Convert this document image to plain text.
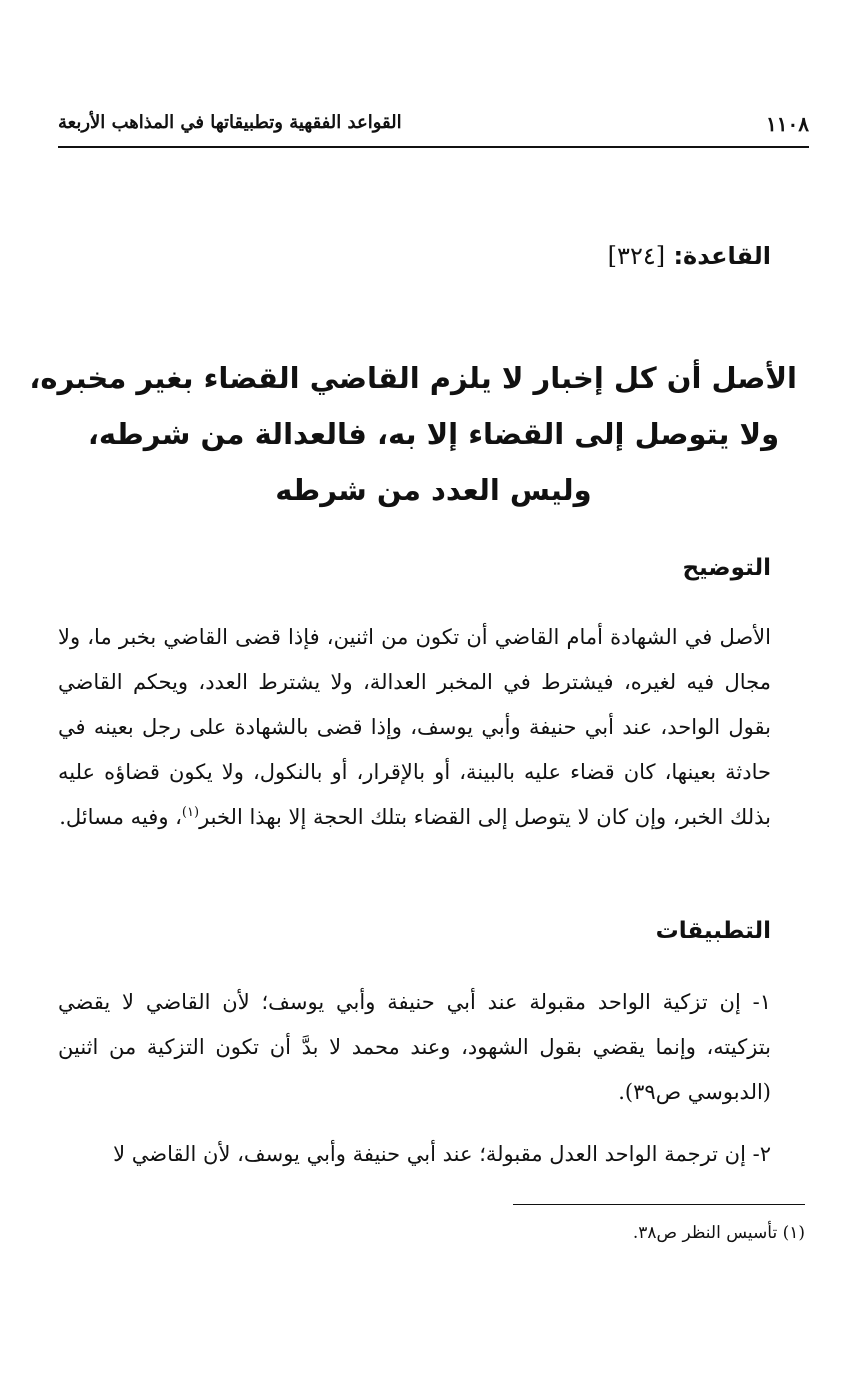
١١٠٨
القواعد الفقهية وتطبيقاتها في المذاهب الأربعة
القاعدة: [٣٢٤]
الأصل أن كل إخبار لا يلزم القاضي القضاء بغير مخبره،
ولا يتوصل إلى القضاء إلا به، فالعدالة من شرطه،
وليس العدد من شرطه
التوضيح
الأصل في الشهادة أمام القاضي أن تكون من اثنين، فإذا قضى القاضي بخبر ما، ولا مجال فيه لغيره، فيشترط في المخبر العدالة، ولا يشترط العدد، ويحكم القاضي بقول الواحد، عند أبي حنيفة وأبي يوسف، وإذا قضى بالشهادة على رجل بعينه في حادثة بعينها، كان قضاء عليه بالبينة، أو بالإقرار، أو بالنكول، ولا يكون قضاؤه عليه بذلك الخبر، وإن كان لا يتوصل إلى القضاء بتلك الحجة إلا بهذا الخبر$^{(١)}$، وفيه مسائل.
التطبيقات
١- إن تزكية الواحد مقبولة عند أبي حنيفة وأبي يوسف؛ لأن القاضي لا يقضي بتزكيته، وإنما يقضي بقول الشهود، وعند محمد لا بدَّ أن تكون التزكية من اثنين (الدبوسي ص٣٩).
٢- إن ترجمة الواحد العدل مقبولة؛ عند أبي حنيفة وأبي يوسف، لأن القاضي لا
(١) تأسيس النظر ص٣٨.
